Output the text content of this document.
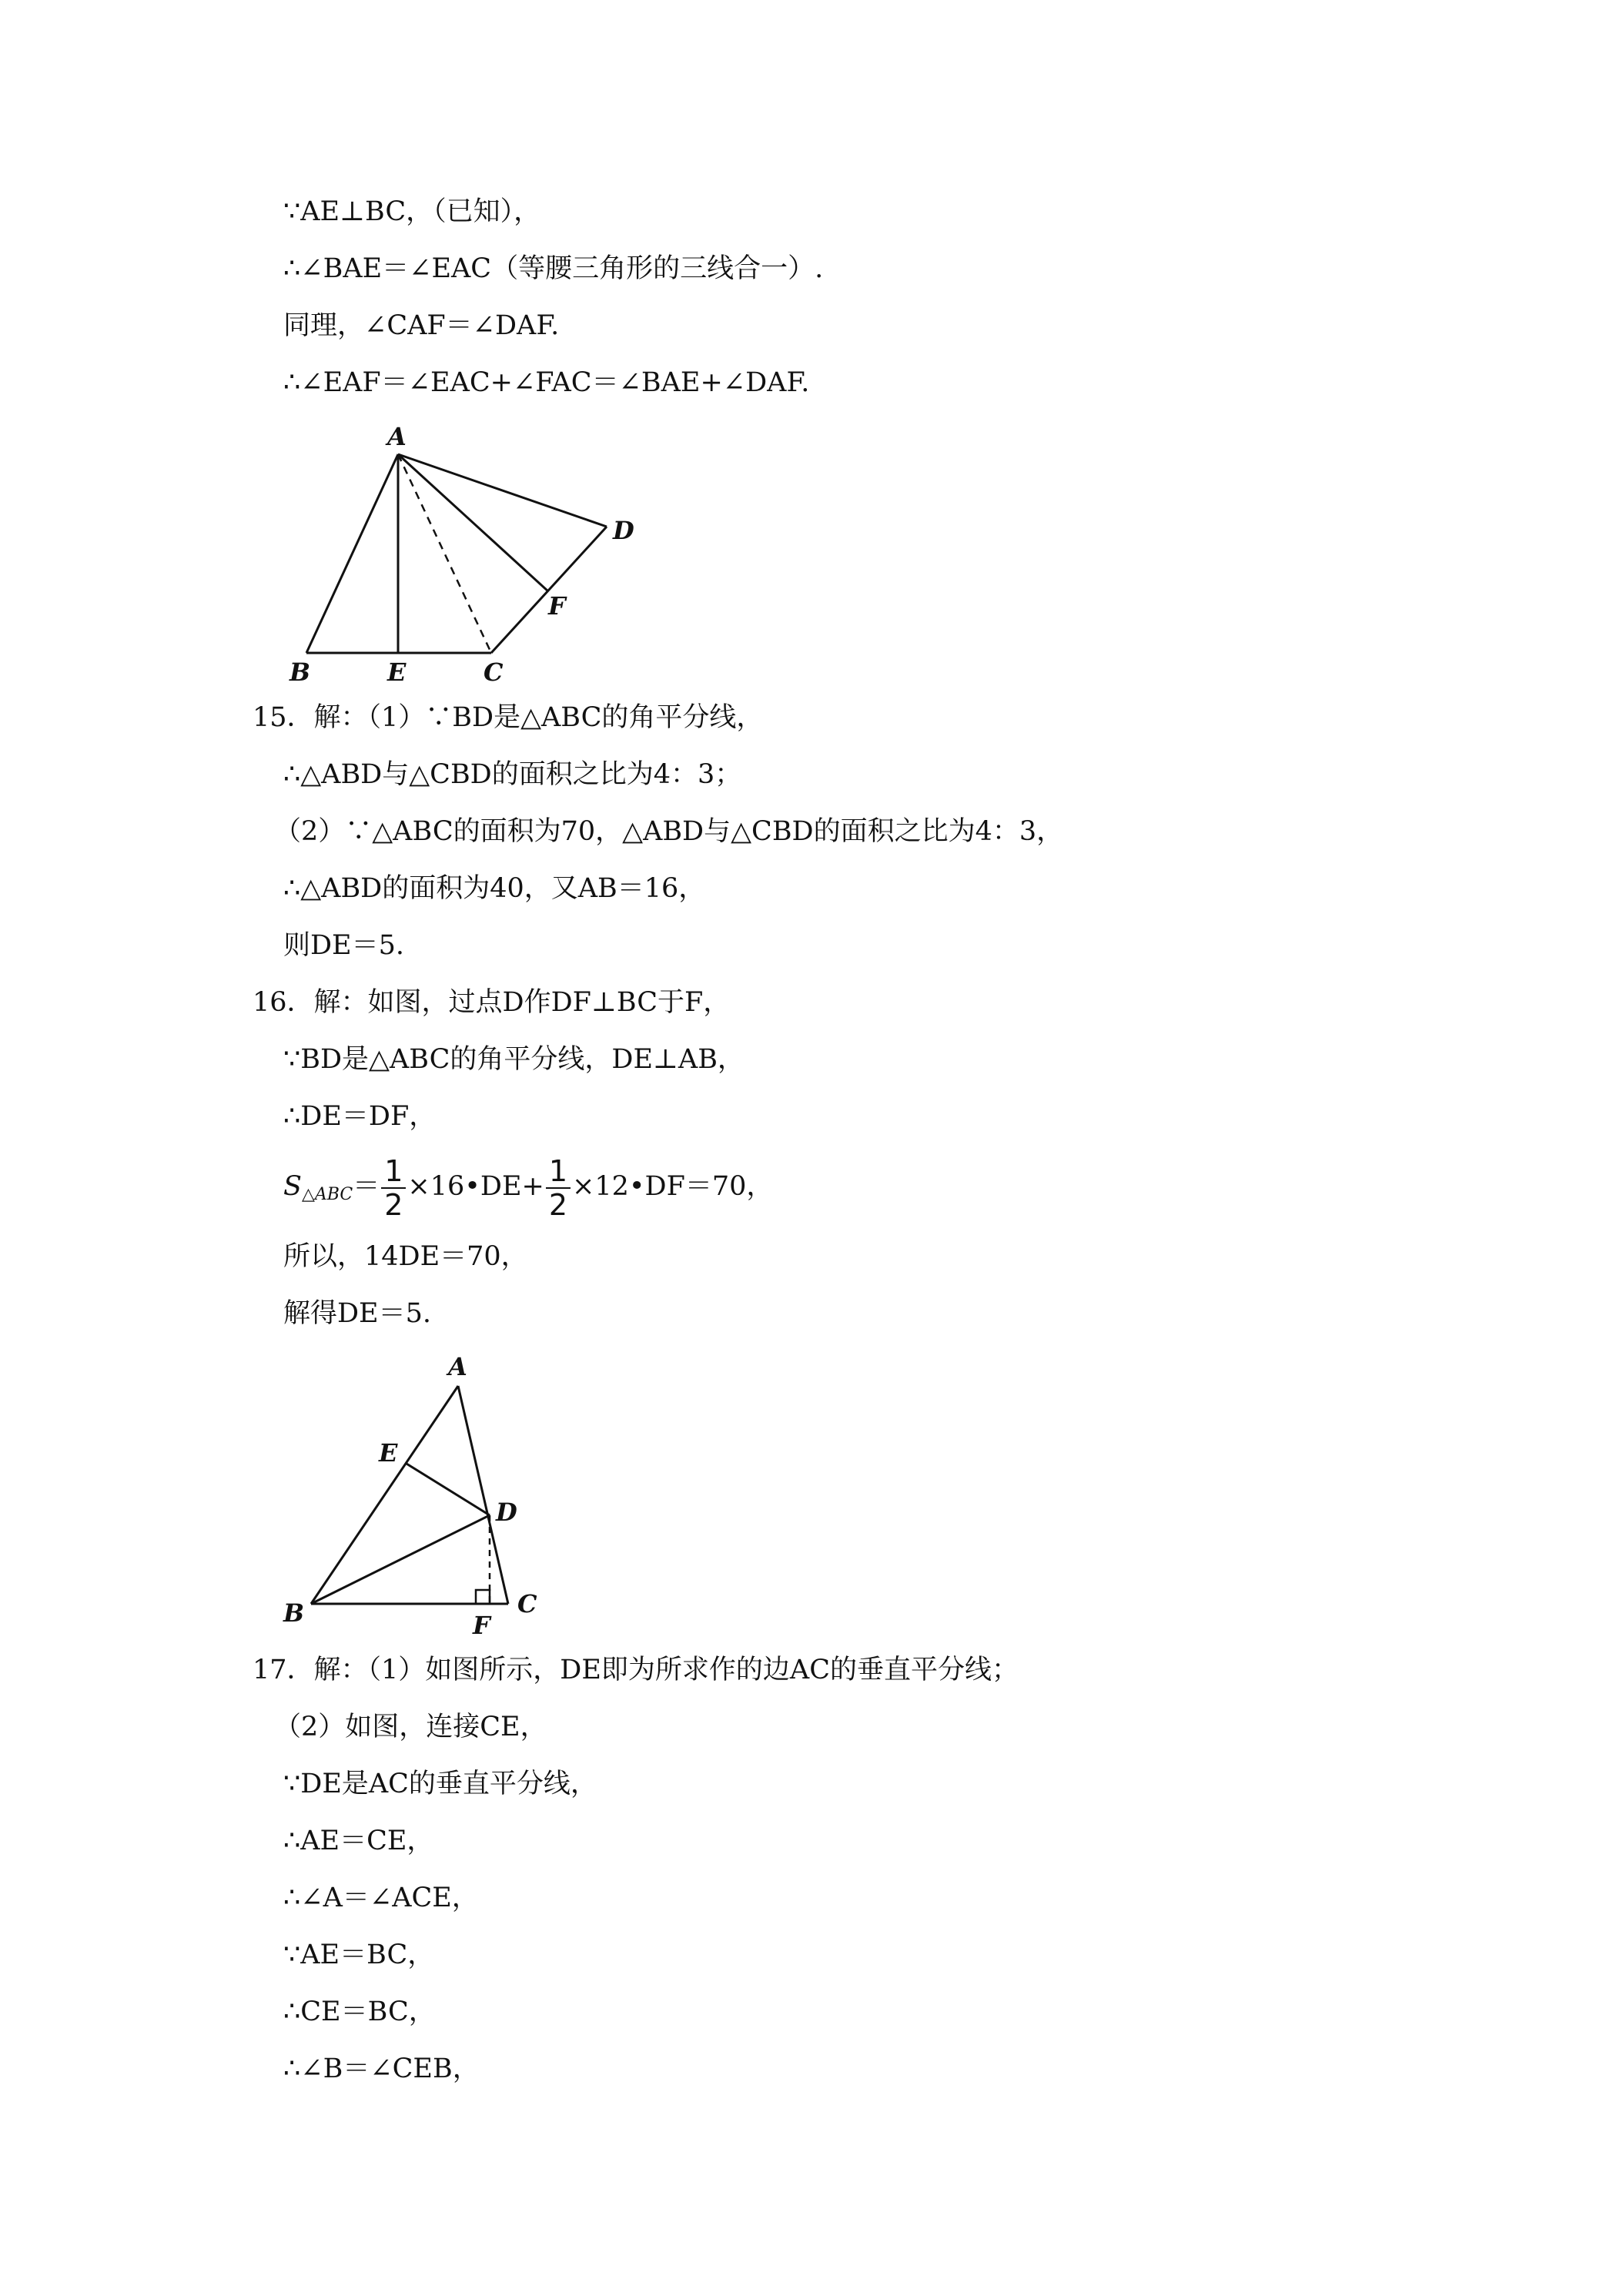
∵AE⊥BC，（已知），
∴∠BAE＝∠EAC（等腰三角形的三线合一）.
同理，∠CAF＝∠DAF.
∴∠EAF＝∠EAC+∠FAC＝∠BAE+∠DAF.
A
B	E	C
D
F
15．解：（1）∵BD是△ABC的角平分线，
∴△ABD与△CBD的面积之比为4：3；
（2）∵△ABC的面积为70，△ABD与△CBD的面积之比为4：3，
∴△ABD的面积为40，又AB＝16，
则DE＝5.
16．解：如图，过点D作DF⊥BC于F，
∵BD是△ABC的角平分线，DE⊥AB，
∴DE＝DF，
$S_{\triangle ABC}= \frac{1}{2}$ ×16•DE+ $\frac{1}{2}$ ×12•DF＝70，
所以，14DE＝70，
解得DE＝5.
A
E
D
B	F
C
17．解：（1）如图所示，DE即为所求作的边AC的垂直平分线；
（2）如图，连接CE，
∵DE是AC的垂直平分线，
∴AE＝CE，
∴∠A＝∠ACE，
∵AE＝BC，
∴CE＝BC，
∴∠B＝∠CEB，
